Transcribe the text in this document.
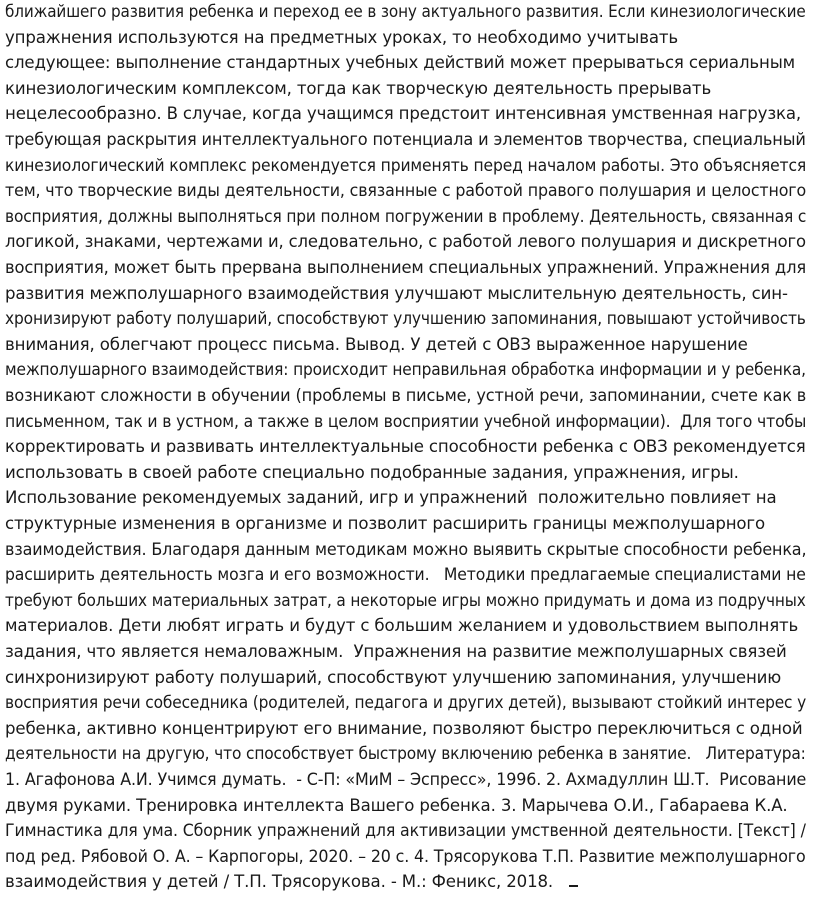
ближайшего развития ребенка и переход ее в зону актуального развития. Если кинезиологические
упражнения используются на предметных уроках, то необходимо учитывать
следующее: выполнение стандартных учебных действий может прерываться сериальным
кинезиологическим комплексом, тогда как творческую деятельность прерывать
нецелесообразно. В случае, когда учащимся предстоит интенсивная умственная нагрузка,
требующая раскрытия интеллектуального потенциала и элементов творчества, специальный
кинезиологический комплекс рекомендуется применять перед началом работы. Это объясняется
тем, что творческие виды деятельности, связанные с работой правого полушария и целостного
восприятия, должны выполняться при полном погружении в проблему. Деятельность, связанная с
логикой, знаками, чертежами и, следовательно, с работой левого полушария и дискретного
восприятия, может быть прервана выполнением специальных упражнений. Упражнения для
развития межполушарного взаимодействия улучшают мыслительную деятельность, син-
хронизируют работу полушарий, способствуют улучшению запоминания, повышают устойчивость
внимания, облегчают процесс письма. Вывод. У детей с ОВЗ выраженное нарушение
межполушарного взаимодействия: происходит неправильная обработка информации и у ребенка,
возникают сложности в обучении (проблемы в письме, устной речи, запоминании, счете как в
письменном, так и в устном, а также в целом восприятии учебной информации).  Для того чтобы
корректировать и развивать интеллектуальные способности ребенка с ОВЗ рекомендуется
использовать в своей работе специально подобранные задания, упражнения, игры.
Использование рекомендуемых заданий, игр и упражнений  положительно повлияет на
структурные изменения в организме и позволит расширить границы межполушарного
взаимодействия. Благодаря данным методикам можно выявить скрытые способности ребенка,
расширить деятельность мозга и его возможности.   Методики предлагаемые специалистами не
требуют больших материальных затрат, а некоторые игры можно придумать и дома из подручных
материалов. Дети любят играть и будут с большим желанием и удовольствием выполнять
задания, что является немаловажным.  Упражнения на развитие межполушарных связей
синхронизируют работу полушарий, способствуют улучшению запоминания, улучшению
восприятия речи собеседника (родителей, педагога и других детей), вызывают стойкий интерес у
ребенка, активно концентрируют его внимание, позволяют быстро переключиться с одной
деятельности на другую, что способствует быстрому включению ребенка в занятие.   Литература:
1. Агафонова А.И. Учимся думать.  - С-П: «МиМ – Эспресс», 1996. 2. Ахмадуллин Ш.Т.  Рисование
двумя руками. Тренировка интеллекта Вашего ребенка. 3. Марычева О.И., Габараева К.А.
Гимнастика для ума. Сборник упражнений для активизации умственной деятельности. [Текст] /
под ред. Рябовой О. А. – Карпогоры, 2020. – 20 с. 4. Трясорукова Т.П. Развитие межполушарного
взаимодействия у детей / Т.П. Трясорукова. - М.: Феникс, 2018.
